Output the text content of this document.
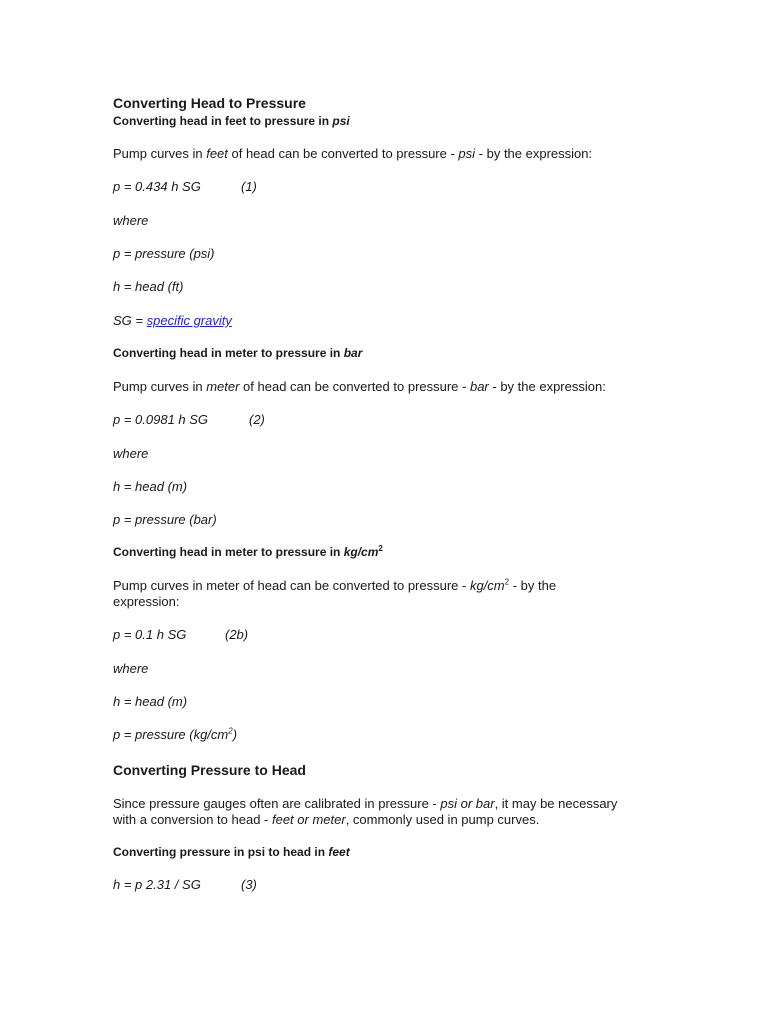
Converting Head to Pressure
Converting head in feet to pressure in psi
Pump curves in feet of head can be converted to pressure - psi - by the expression:
p = 0.434 h SG	(1)
where
p = pressure (psi)
h = head (ft)
SG = specific gravity
Converting head in meter to pressure in bar
Pump curves in meter of head can be converted to pressure - bar - by the expression:
p = 0.0981 h SG	(2)
where
h = head (m)
p = pressure (bar)
Converting head in meter to pressure in $kg/cm^2$
Pump curves in meter of head can be converted to pressure - $kg/cm^2$ - by the
expression:
p = 0.1 h SG	(2b)
where
h = head (m)
p = pressure $(kg/cm^2)$
Converting Pressure to Head
Since pressure gauges often are calibrated in pressure - psi or bar, it may be necessary
with a conversion to head - feet or meter, commonly used in pump curves.
Converting pressure in psi to head in feet
h = p 2.31 / SG	(3)
